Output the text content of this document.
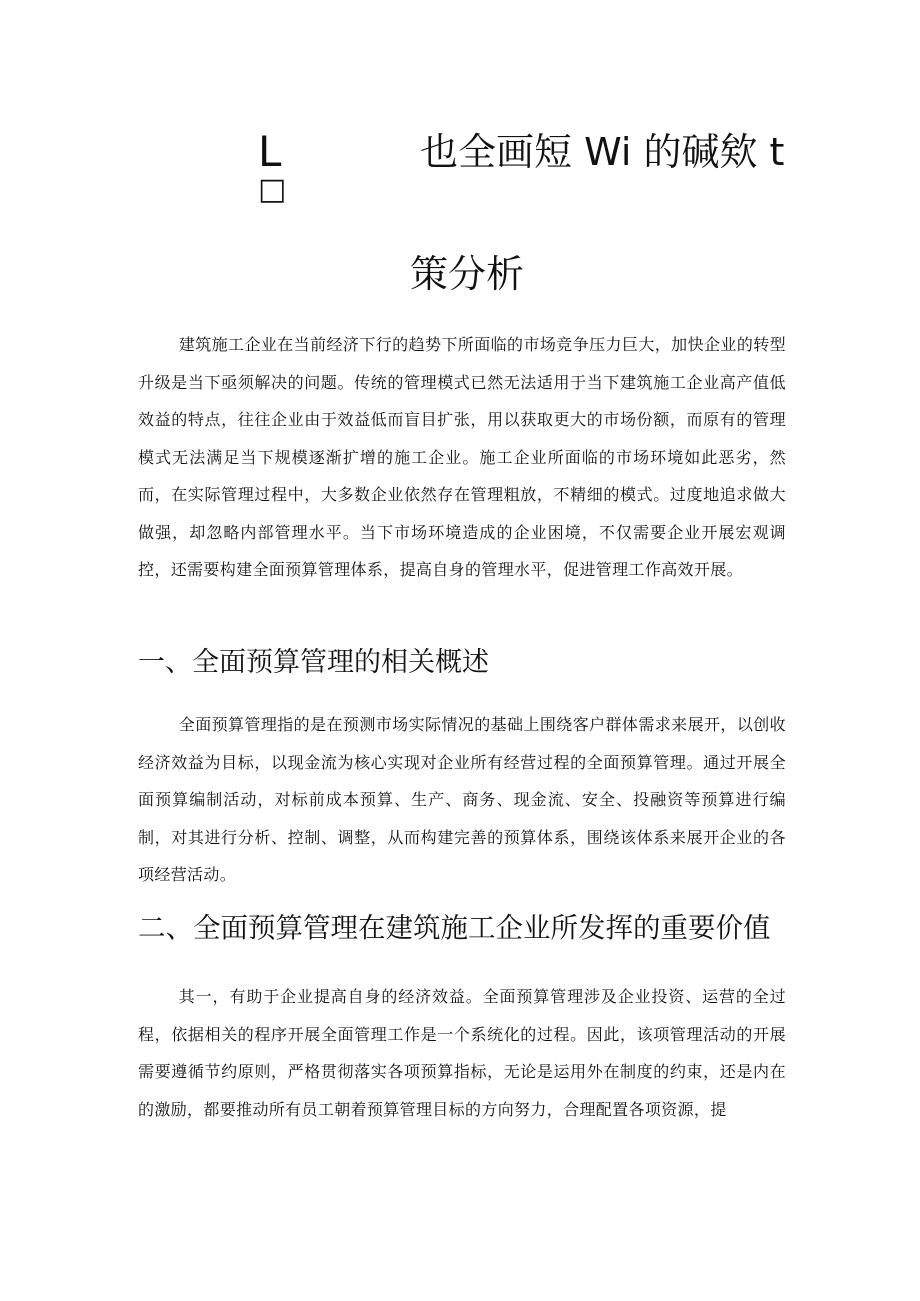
L	也全画短 Wi 的碱欸 t
□
策分析

建筑施工企业在当前经济下行的趋势下所面临的市场竞争压力巨大，加快企业的转型升级是当下亟须解决的问题。传统的管理模式已然无法适用于当下建筑施工企业高产值低效益的特点，往往企业由于效益低而盲目扩张，用以获取更大的市场份额，而原有的管理模式无法满足当下规模逐渐扩增的施工企业。施工企业所面临的市场环境如此恶劣，然而，在实际管理过程中，大多数企业依然存在管理粗放，不精细的模式。过度地追求做大做强，却忽略内部管理水平。当下市场环境造成的企业困境，不仅需要企业开展宏观调控，还需要构建全面预算管理体系，提高自身的管理水平，促进管理工作高效开展。

一、全面预算管理的相关概述

全面预算管理指的是在预测市场实际情况的基础上围绕客户群体需求来展开，以创收经济效益为目标，以现金流为核心实现对企业所有经营过程的全面预算管理。通过开展全面预算编制活动，对标前成本预算、生产、商务、现金流、安全、投融资等预算进行编制，对其进行分析、控制、调整，从而构建完善的预算体系，围绕该体系来展开企业的各项经营活动。

二、全面预算管理在建筑施工企业所发挥的重要价值

其一，有助于企业提高自身的经济效益。全面预算管理涉及企业投资、运营的全过程，依据相关的程序开展全面管理工作是一个系统化的过程。因此，该项管理活动的开展需要遵循节约原则，严格贯彻落实各项预算指标，无论是运用外在制度的约束，还是内在的激励，都要推动所有员工朝着预算管理目标的方向努力，合理配置各项资源，提
